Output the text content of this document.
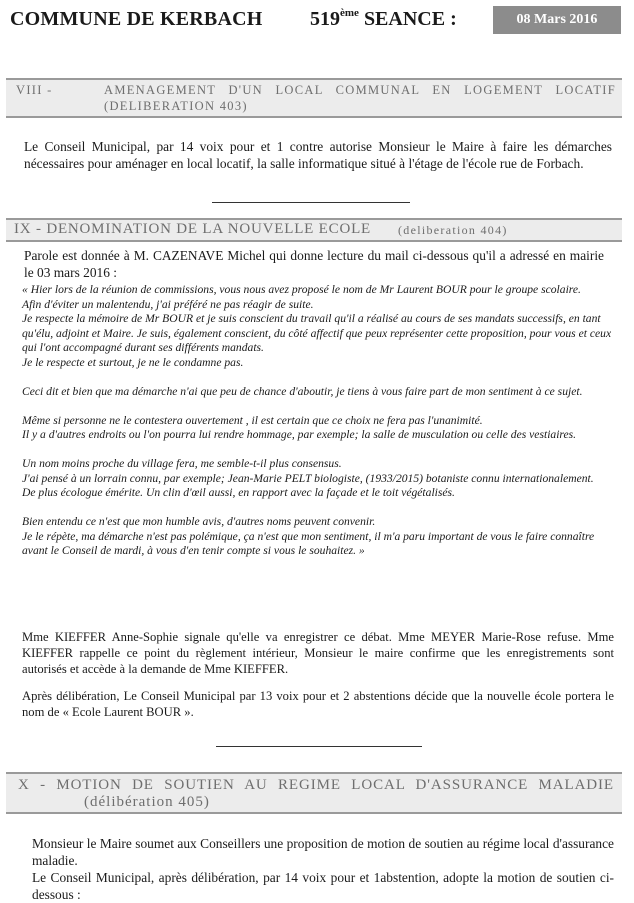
COMMUNE DE KERBACH 519ème SEANCE :	08 Mars 2016
VIII -	AMENAGEMENT D'UN LOCAL COMMUNAL EN LOGEMENT LOCATIF
(DELIBERATION 403)
Le Conseil Municipal, par 14 voix pour et 1 contre autorise Monsieur le Maire à faire les démarches nécessaires pour aménager en local locatif, la salle informatique situé à l'étage de l'école rue de Forbach.
IX - DENOMINATION DE LA NOUVELLE ECOLE (deliberation 404)
Parole est donnée à M. CAZENAVE Michel qui donne lecture du mail ci-dessous qu'il a adressé en mairie le 03 mars 2016 :

« Hier lors de la réunion de commissions, vous nous avez proposé le nom de Mr Laurent BOUR pour le groupe scolaire.
Afin d'éviter un malentendu, j'ai préféré ne pas réagir de suite.
Je respecte la mémoire de Mr BOUR et je suis conscient du travail qu'il a réalisé au cours de ses mandats successifs, en tant qu'élu, adjoint et Maire. Je suis, également conscient, du côté affectif que peux représenter cette proposition, pour vous et ceux qui l'ont accompagné durant ses différents mandats.
Je le respecte et surtout, je ne le condamne pas.

Ceci dit et bien que ma démarche n'ai que peu de chance d'aboutir, je tiens à vous faire part de mon sentiment à ce sujet.

Même si personne ne le contestera ouvertement , il est certain que ce choix ne fera pas l'unanimité.
Il y a d'autres endroits ou l'on pourra lui rendre hommage, par exemple; la salle de musculation ou celle des vestiaires.

Un nom moins proche du village fera, me semble-t-il plus consensus.
J'ai pensé à un lorrain connu, par exemple; Jean-Marie PELT biologiste, (1933/2015) botaniste connu internationalement.
De plus écologue émérite. Un clin d'œil aussi, en rapport avec la façade et le toit végétalisés.

Bien entendu ce n'est que mon humble avis, d'autres noms peuvent convenir.
Je le répète, ma démarche n'est pas polémique, ça n'est que mon sentiment, il m'a paru important de vous le faire connaître avant le Conseil de mardi, à vous d'en tenir compte si vous le souhaitez. »

Mme KIEFFER Anne-Sophie signale qu'elle va enregistrer ce débat. Mme MEYER Marie-Rose refuse. Mme KIEFFER rappelle ce point du règlement intérieur, Monsieur le maire confirme que les enregistrements sont autorisés et accède à la demande de Mme KIEFFER.
Après délibération, Le Conseil Municipal par 13 voix pour et 2 abstentions décide que la nouvelle école portera le nom de « Ecole Laurent BOUR ».
X - MOTION DE SOUTIEN AU REGIME LOCAL D'ASSURANCE MALADIE
(délibération 405)
Monsieur le Maire soumet aux Conseillers une proposition de motion de soutien au régime local d'assurance maladie.
Le Conseil Municipal, après délibération, par 14 voix pour et 1abstention, adopte la motion de soutien ci-dessous :
